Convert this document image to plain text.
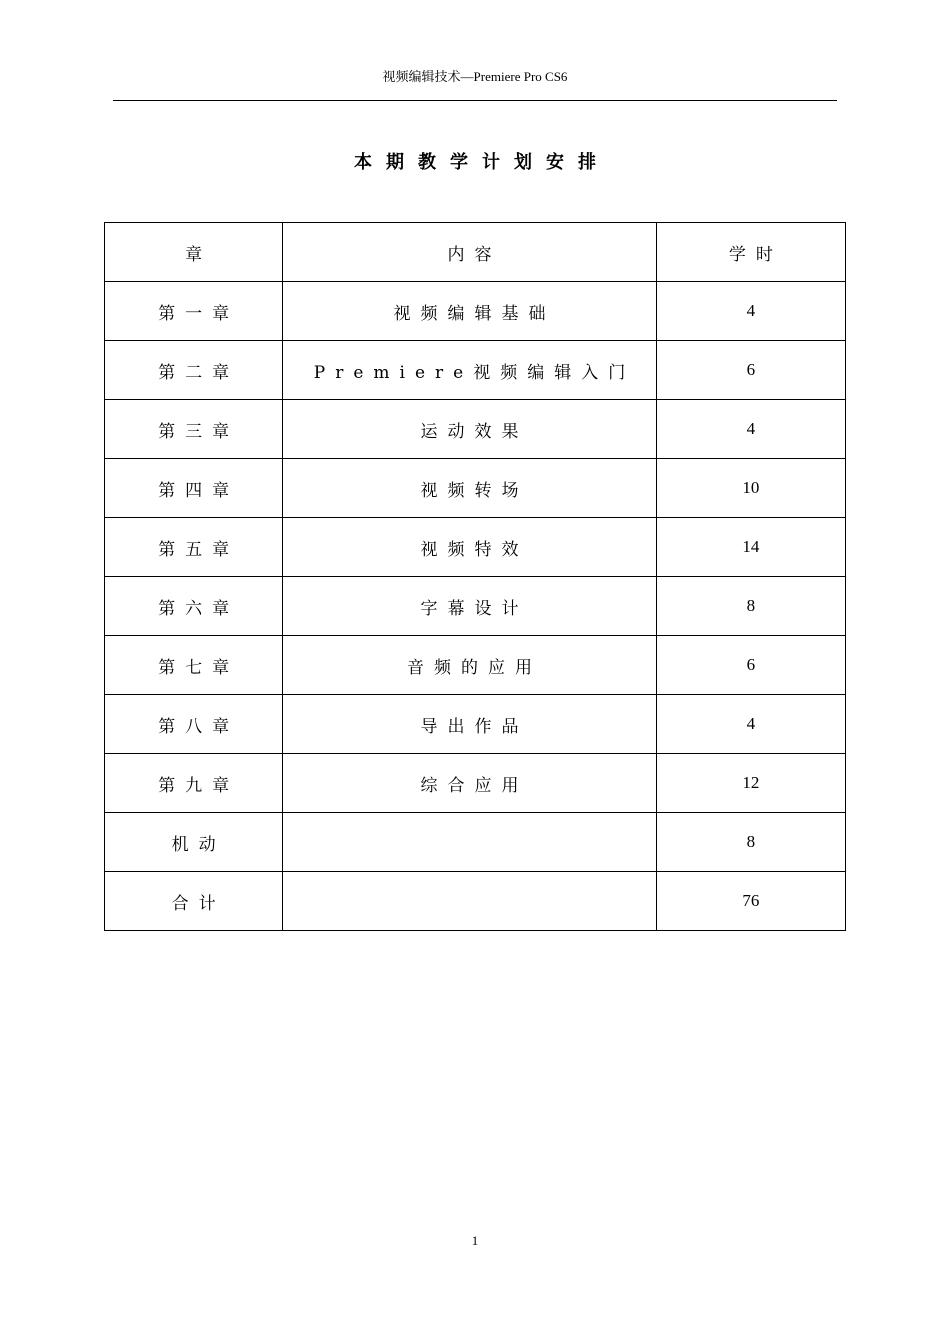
视频编辑技术—Premiere Pro CS6
本期教学计划安排
章	内容	学时
第一章	视频编辑基础	4
第二章	Premiere视频编辑入门	6
第三章	运动效果	4
第四章	视频转场	10
第五章	视频特效	14
第六章	字幕设计	8
第七章	音频的应用	6
第八章	导出作品	4
第九章	综合应用	12
机动		8
合计		76
1
